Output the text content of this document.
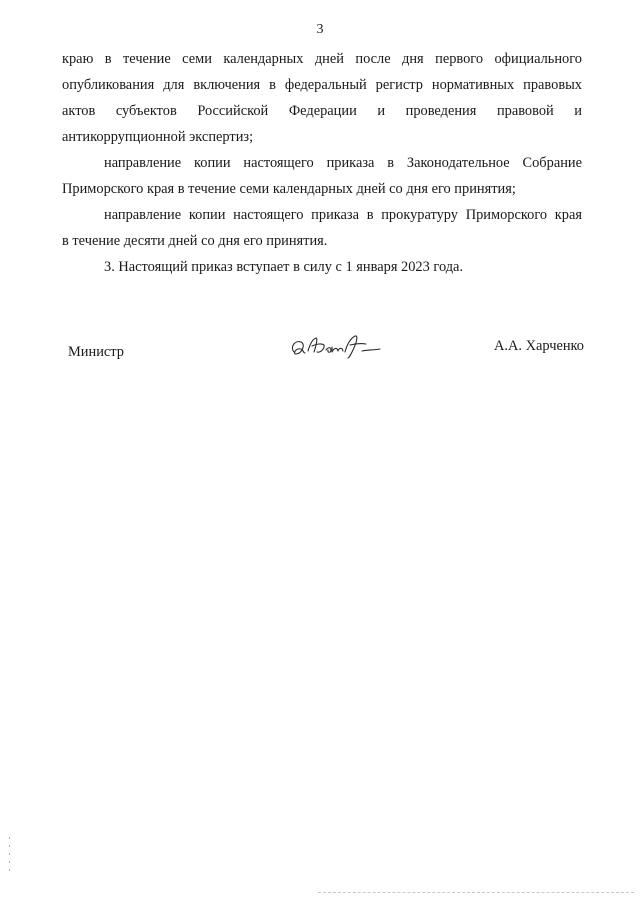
3
краю в течение семи календарных дней после дня первого официального
опубликования для включения в федеральный регистр нормативных правовых
актов субъектов Российской Федерации и проведения правовой и
антикоррупционной экспертиз;
направление копии настоящего приказа в Законодательное Собрание
Приморского края в течение семи календарных дней со дня его принятия;
направление копии настоящего приказа в прокуратуру Приморского края
в течение десяти дней со дня его принятия.
3. Настоящий приказ вступает в силу с 1 января 2023 года.
Министр	А.А. Харченко
